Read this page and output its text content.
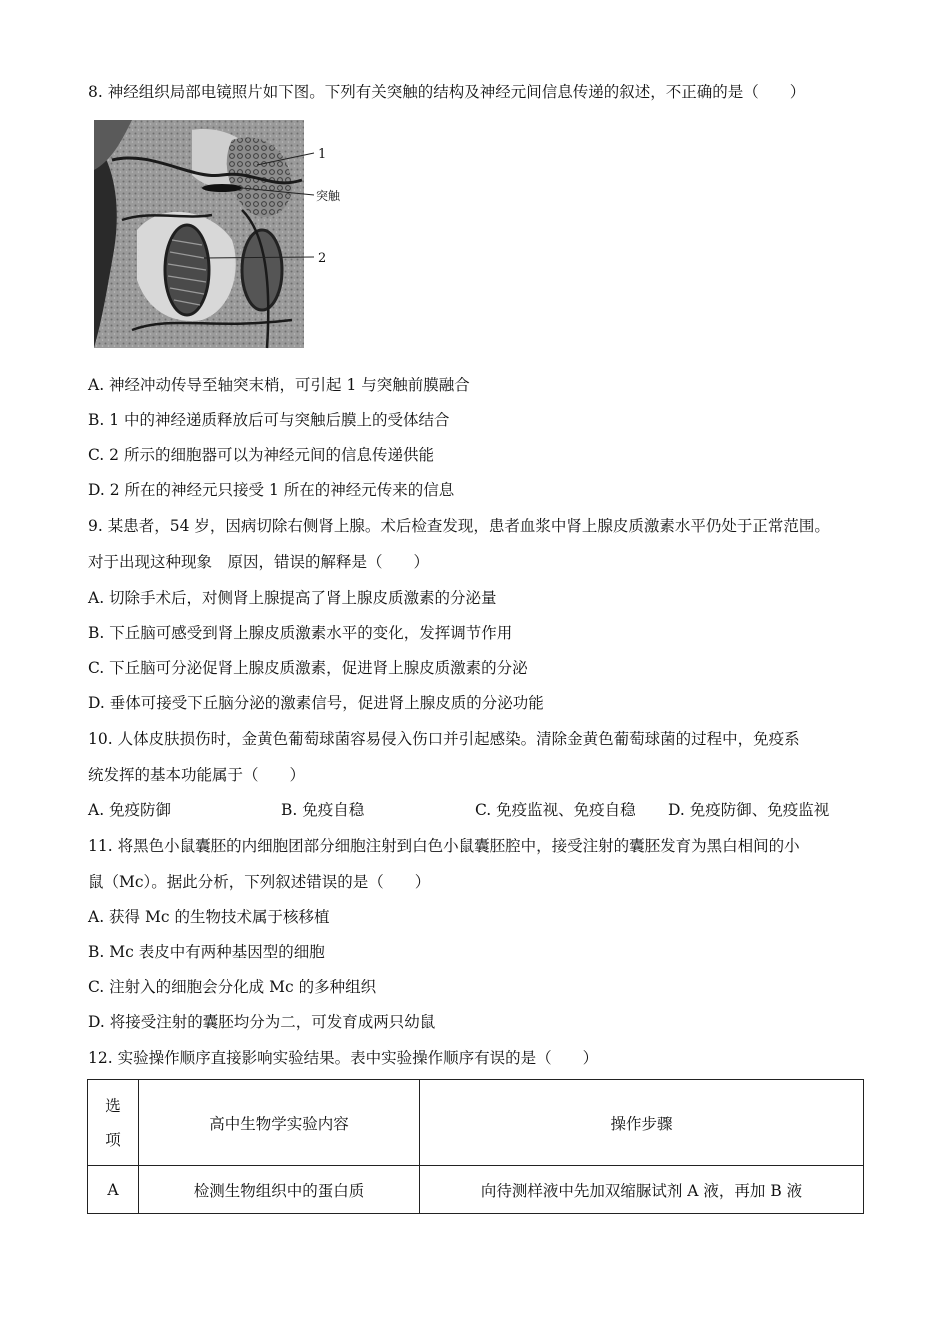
8. 神经组织局部电镜照片如下图。下列有关突触的结构及神经元间信息传递的叙述，不正确的是（　　）
1
突触
2
A. 神经冲动传导至轴突末梢，可引起 1 与突触前膜融合
B. 1 中的神经递质释放后可与突触后膜上的受体结合
C. 2 所示的细胞器可以为神经元间的信息传递供能
D. 2 所在的神经元只接受 1 所在的神经元传来的信息
9. 某患者，54 岁，因病切除右侧肾上腺。术后检查发现，患者血浆中肾上腺皮质激素水平仍处于正常范围。
对于出现这种现象　原因，错误的解释是（　　）
A. 切除手术后，对侧肾上腺提高了肾上腺皮质激素的分泌量
B. 下丘脑可感受到肾上腺皮质激素水平的变化，发挥调节作用
C. 下丘脑可分泌促肾上腺皮质激素，促进肾上腺皮质激素的分泌
D. 垂体可接受下丘脑分泌的激素信号，促进肾上腺皮质的分泌功能
10. 人体皮肤损伤时，金黄色葡萄球菌容易侵入伤口并引起感染。清除金黄色葡萄球菌的过程中，免疫系
统发挥的基本功能属于（　　）
A. 免疫防御	B. 免疫自稳	C. 免疫监视、免疫自稳 D. 免疫防御、免疫监视
11. 将黑色小鼠囊胚的内细胞团部分细胞注射到白色小鼠囊胚腔中，接受注射的囊胚发育为黑白相间的小
鼠（Mc）。据此分析，下列叙述错误的是（　　）
A. 获得 Mc 的生物技术属于核移植
B. Mc 表皮中有两种基因型的细胞
C. 注射入的细胞会分化成 Mc 的多种组织
D. 将接受注射的囊胚均分为二，可发育成两只幼鼠
12. 实验操作顺序直接影响实验结果。表中实验操作顺序有误的是（　　）
选
项	高中生物学实验内容	操作步骤
A	检测生物组织中的蛋白质	向待测样液中先加双缩脲试剂 A 液，再加 B 液
